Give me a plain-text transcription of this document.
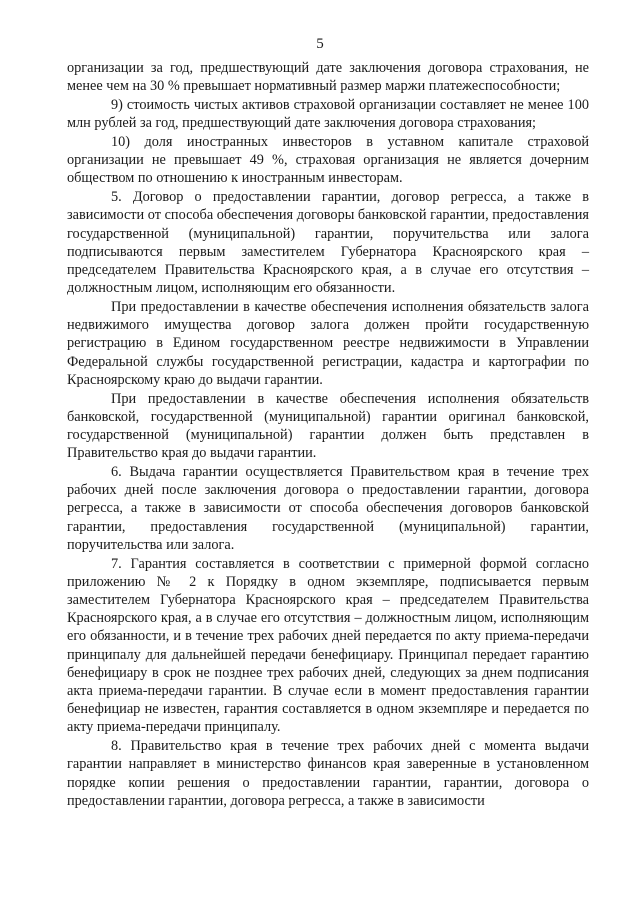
5

организации за год, предшествующий дате заключения договора страхования, не менее чем на 30 % превышает нормативный размер маржи платежеспособности;

9) стоимость чистых активов страховой организации составляет не менее 100 млн рублей за год, предшествующий дате заключения договора страхования;

10) доля иностранных инвесторов в уставном капитале страховой организации не превышает 49 %, страховая организация не является дочерним обществом по отношению к иностранным инвесторам.

5. Договор о предоставлении гарантии, договор регресса, а также в зависимости от способа обеспечения договоры банковской гарантии, предоставления государственной (муниципальной) гарантии, поручительства или залога подписываются первым заместителем Губернатора Красноярского края – председателем Правительства Красноярского края, а в случае его отсутствия – должностным лицом, исполняющим его обязанности.

При предоставлении в качестве обеспечения исполнения обязательств залога недвижимого имущества договор залога должен пройти государственную регистрацию в Едином государственном реестре недвижимости в Управлении Федеральной службы государственной регистрации, кадастра и картографии по Красноярскому краю до выдачи гарантии.

При предоставлении в качестве обеспечения исполнения обязательств банковской, государственной (муниципальной) гарантии оригинал банковской, государственной (муниципальной) гарантии должен быть представлен в Правительство края до выдачи гарантии.

6. Выдача гарантии осуществляется Правительством края в течение трех рабочих дней после заключения договора о предоставлении гарантии, договора регресса, а также в зависимости от способа обеспечения договоров банковской гарантии, предоставления государственной (муниципальной) гарантии, поручительства или залога.

7. Гарантия составляется в соответствии с примерной формой согласно приложению № 2 к Порядку в одном экземпляре, подписывается первым заместителем Губернатора Красноярского края – председателем Правительства Красноярского края, а в случае его отсутствия – должностным лицом, исполняющим его обязанности, и в течение трех рабочих дней передается по акту приема-передачи принципалу для дальнейшей передачи бенефициару. Принципал передает гарантию бенефициару в срок не позднее трех рабочих дней, следующих за днем подписания акта приема-передачи гарантии. В случае если в момент предоставления гарантии бенефициар не известен, гарантия составляется в одном экземпляре и передается по акту приема-передачи принципалу.

8. Правительство края в течение трех рабочих дней с момента выдачи гарантии направляет в министерство финансов края заверенные в установленном порядке копии решения о предоставлении гарантии, гарантии, договора о предоставлении гарантии, договора регресса, а также в зависимости
